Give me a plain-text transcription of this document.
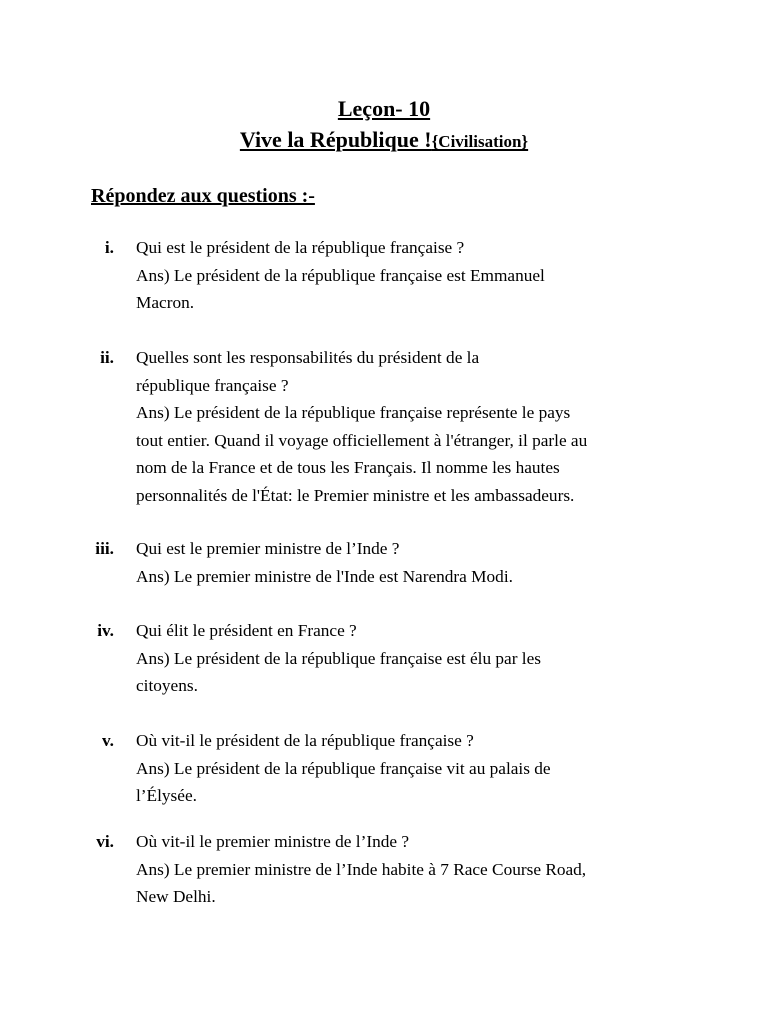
Leçon- 10
Vive la République !{Civilisation}
Répondez aux questions :-
i. Qui est le président de la république française ?
Ans) Le président de la république française est Emmanuel
Macron.
ii. Quelles sont les responsabilités du président de la
république française ?
Ans) Le président de la république française représente le pays
tout entier. Quand il voyage officiellement à l'étranger, il parle au
nom de la France et de tous les Français. Il nomme les hautes
personnalités de l'État: le Premier ministre et les ambassadeurs.
iii. Qui est le premier ministre de l’Inde ?
Ans) Le premier ministre de l'Inde est Narendra Modi.
iv. Qui élit le président en France ?
Ans) Le président de la république française est élu par les
citoyens.
v. Où vit-il le président de la république française ?
Ans) Le président de la république française vit au palais de
l’Élysée.
vi. Où vit-il le premier ministre de l’Inde ?
Ans) Le premier ministre de l’Inde habite à 7 Race Course Road,
New Delhi.
